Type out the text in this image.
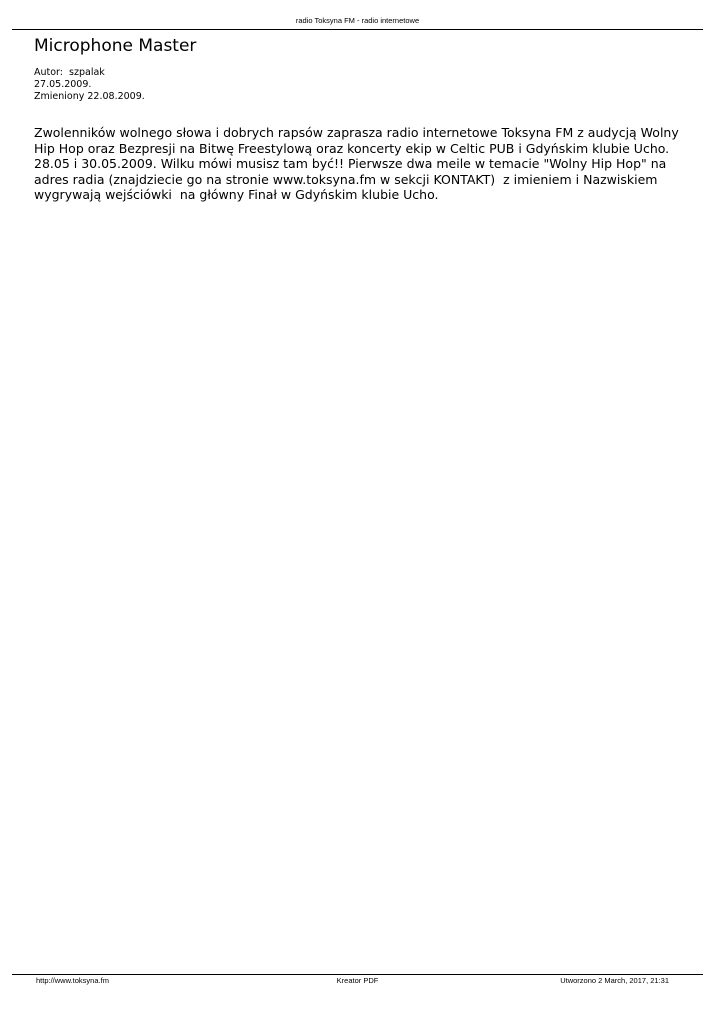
radio Toksyna FM - radio internetowe
Microphone Master
Autor:  szpalak
27.05.2009.
Zmieniony 22.08.2009.
Zwolenników wolnego słowa i dobrych rapsów zaprasza radio internetowe Toksyna FM z audycją Wolny
Hip Hop oraz Bezpresji na Bitwę Freestylową oraz koncerty ekip w Celtic PUB i Gdyńskim klubie Ucho.
28.05 i 30.05.2009. Wilku mówi musisz tam być!! Pierwsze dwa meile w temacie "Wolny Hip Hop" na
adres radia (znajdziecie go na stronie www.toksyna.fm w sekcji KONTAKT)  z imieniem i Nazwiskiem
wygrywają wejściówki  na główny Finał w Gdyńskim klubie Ucho.
http://www.toksyna.fm	Kreator PDF	Utworzono 2 March, 2017, 21:31
